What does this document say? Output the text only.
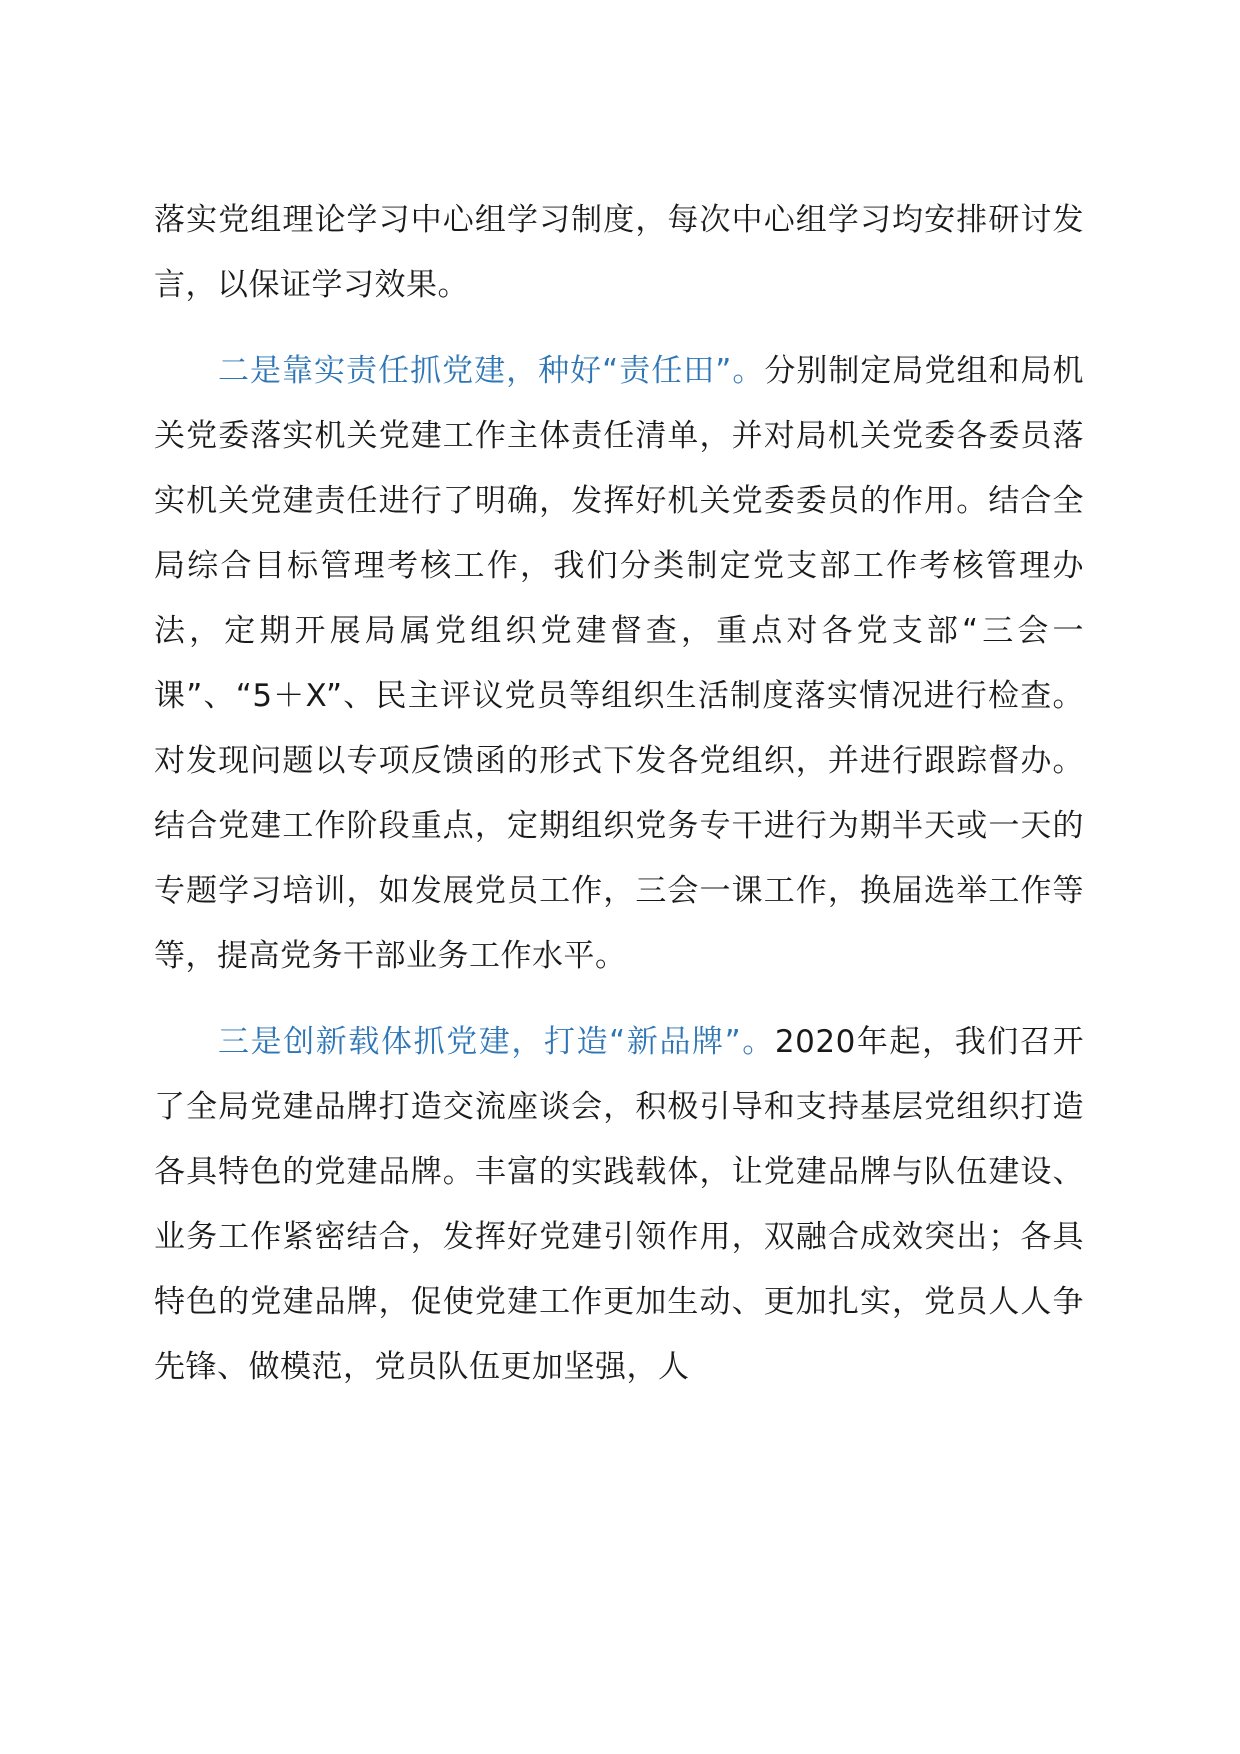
落实党组理论学习中心组学习制度，每次中心组学习均安排研讨发言，以保证学习效果。

二是靠实责任抓党建，种好“责任田”。分别制定局党组和局机关党委落实机关党建工作主体责任清单，并对局机关党委各委员落实机关党建责任进行了明确，发挥好机关党委委员的作用。结合全局综合目标管理考核工作，我们分类制定党支部工作考核管理办法，定期开展局属党组织党建督查，重点对各党支部“三会一课”、“5＋X”、民主评议党员等组织生活制度落实情况进行检查。对发现问题以专项反馈函的形式下发各党组织，并进行跟踪督办。结合党建工作阶段重点，定期组织党务专干进行为期半天或一天的专题学习培训，如发展党员工作，三会一课工作，换届选举工作等等，提高党务干部业务工作水平。

三是创新载体抓党建，打造“新品牌”。2020年起，我们召开了全局党建品牌打造交流座谈会，积极引导和支持基层党组织打造各具特色的党建品牌。丰富的实践载体，让党建品牌与队伍建设、业务工作紧密结合，发挥好党建引领作用，双融合成效突出；各具特色的党建品牌，促使党建工作更加生动、更加扎实，党员人人争先锋、做模范，党员队伍更加坚强，人
